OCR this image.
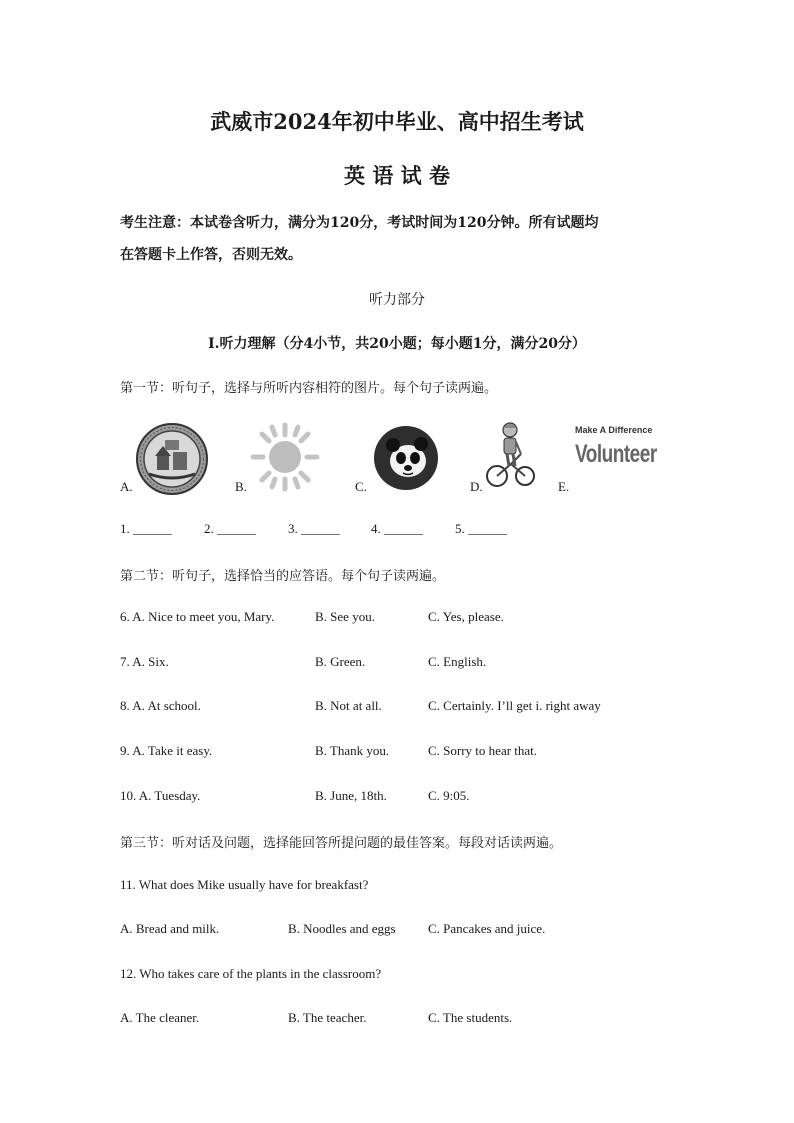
武威市2024年初中毕业、高中招生考试
英 语 试 卷
考生注意：本试卷含听力，满分为120分，考试时间为120分钟。所有试题均
在答题卡上作答，否则无效。
听力部分
Ⅰ.听力理解（分4小节，共20小题；每小题1分，满分20分）
第一节：听句子，选择与所听内容相符的图片。每个句子读两遍。
A.	B.	C.	D.	E.
Make A Difference
Volunteer
1. ______ 2. ______ 3. ______ 4. ______ 5. ______
第二节：听句子，选择恰当的应答语。每个句子读两遍。
6. A. Nice to meet you, Mary.	B. See you.	C. Yes, please.
7. A. Six.	B. Green.	C. English.
8. A. At school.	B. Not at all.	C. Certainly. I’ll get i. right away
9. A. Take it easy.	B. Thank you.	C. Sorry to hear that.
10. A. Tuesday.	B. June, 18th.	C. 9:05.
第三节：听对话及问题，选择能回答所提问题的最佳答案。每段对话读两遍。
11. What does Mike usually have for breakfast?
A. Bread and milk.	B. Noodles and eggs C. Pancakes and juice.
12. Who takes care of the plants in the classroom?
A. The cleaner.	B. The teacher.	C. The students.
